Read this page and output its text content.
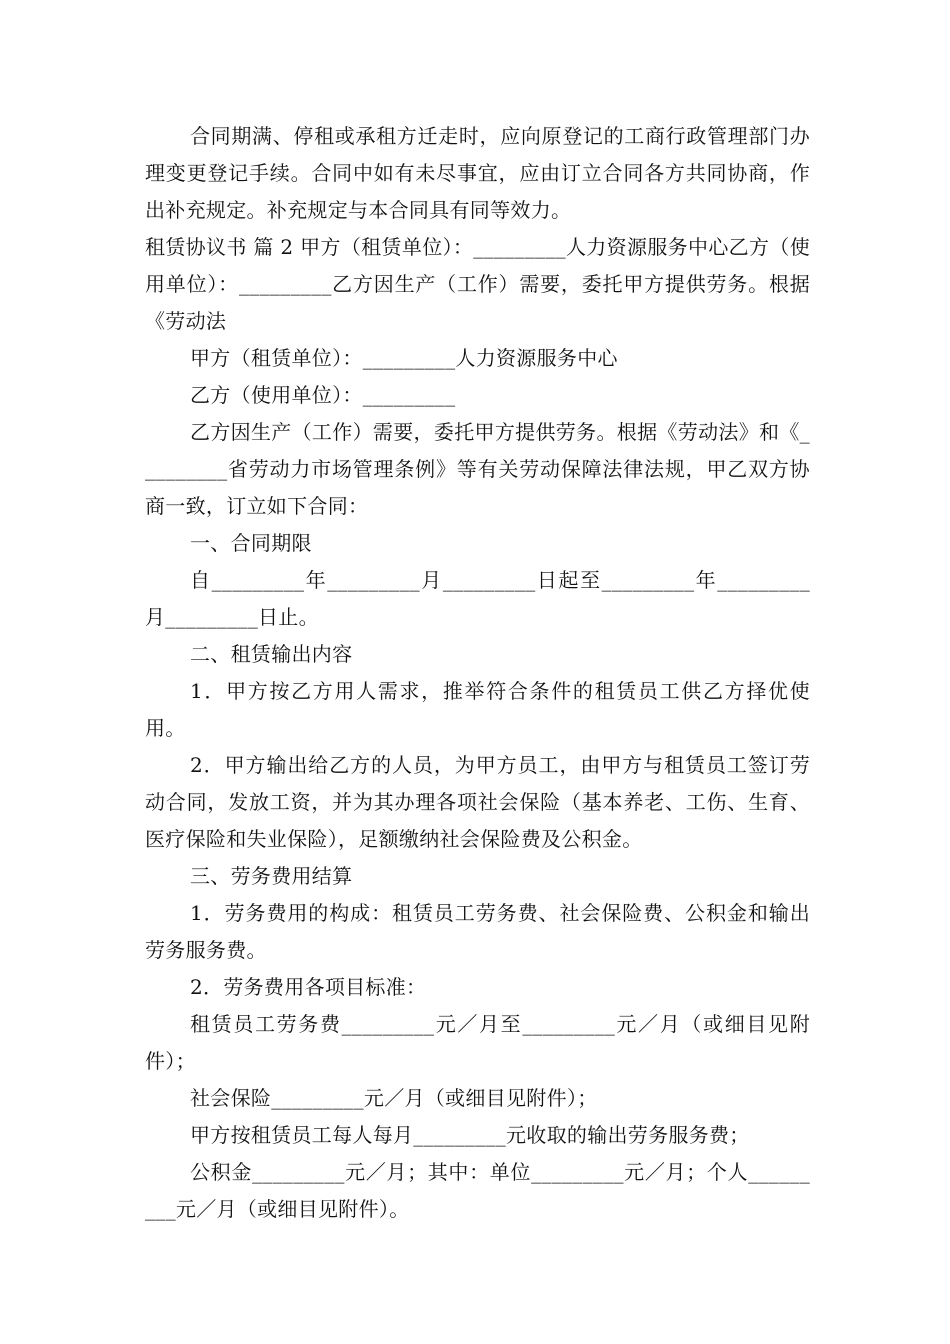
合同期满、停租或承租方迁走时，应向原登记的工商行政管理部门办理变更登记手续。合同中如有未尽事宜，应由订立合同各方共同协商，作出补充规定。补充规定与本合同具有同等效力。

租赁协议书 篇 2 甲方（租赁单位）：_________人力资源服务中心乙方（使用单位）：_________乙方因生产（工作）需要，委托甲方提供劳务。根据《劳动法

甲方（租赁单位）：_________人力资源服务中心

乙方（使用单位）：_________

乙方因生产（工作）需要，委托甲方提供劳务。根据《劳动法》和《_________省劳动力市场管理条例》等有关劳动保障法律法规，甲乙双方协商一致，订立如下合同：

一、合同期限

自_________年_________月_________日起至_________年_________月_________日止。

二、租赁输出内容

1．甲方按乙方用人需求，推举符合条件的租赁员工供乙方择优使用。

2．甲方输出给乙方的人员，为甲方员工，由甲方与租赁员工签订劳动合同，发放工资，并为其办理各项社会保险（基本养老、工伤、生育、医疗保险和失业保险），足额缴纳社会保险费及公积金。

三、劳务费用结算

1．劳务费用的构成：租赁员工劳务费、社会保险费、公积金和输出劳务服务费。

2．劳务费用各项目标准：

租赁员工劳务费_________元／月至_________元／月（或细目见附件）；

社会保险_________元／月（或细目见附件）；

甲方按租赁员工每人每月_________元收取的输出劳务服务费；

公积金_________元／月；其中：单位_________元／月；个人_________元／月（或细目见附件）。
